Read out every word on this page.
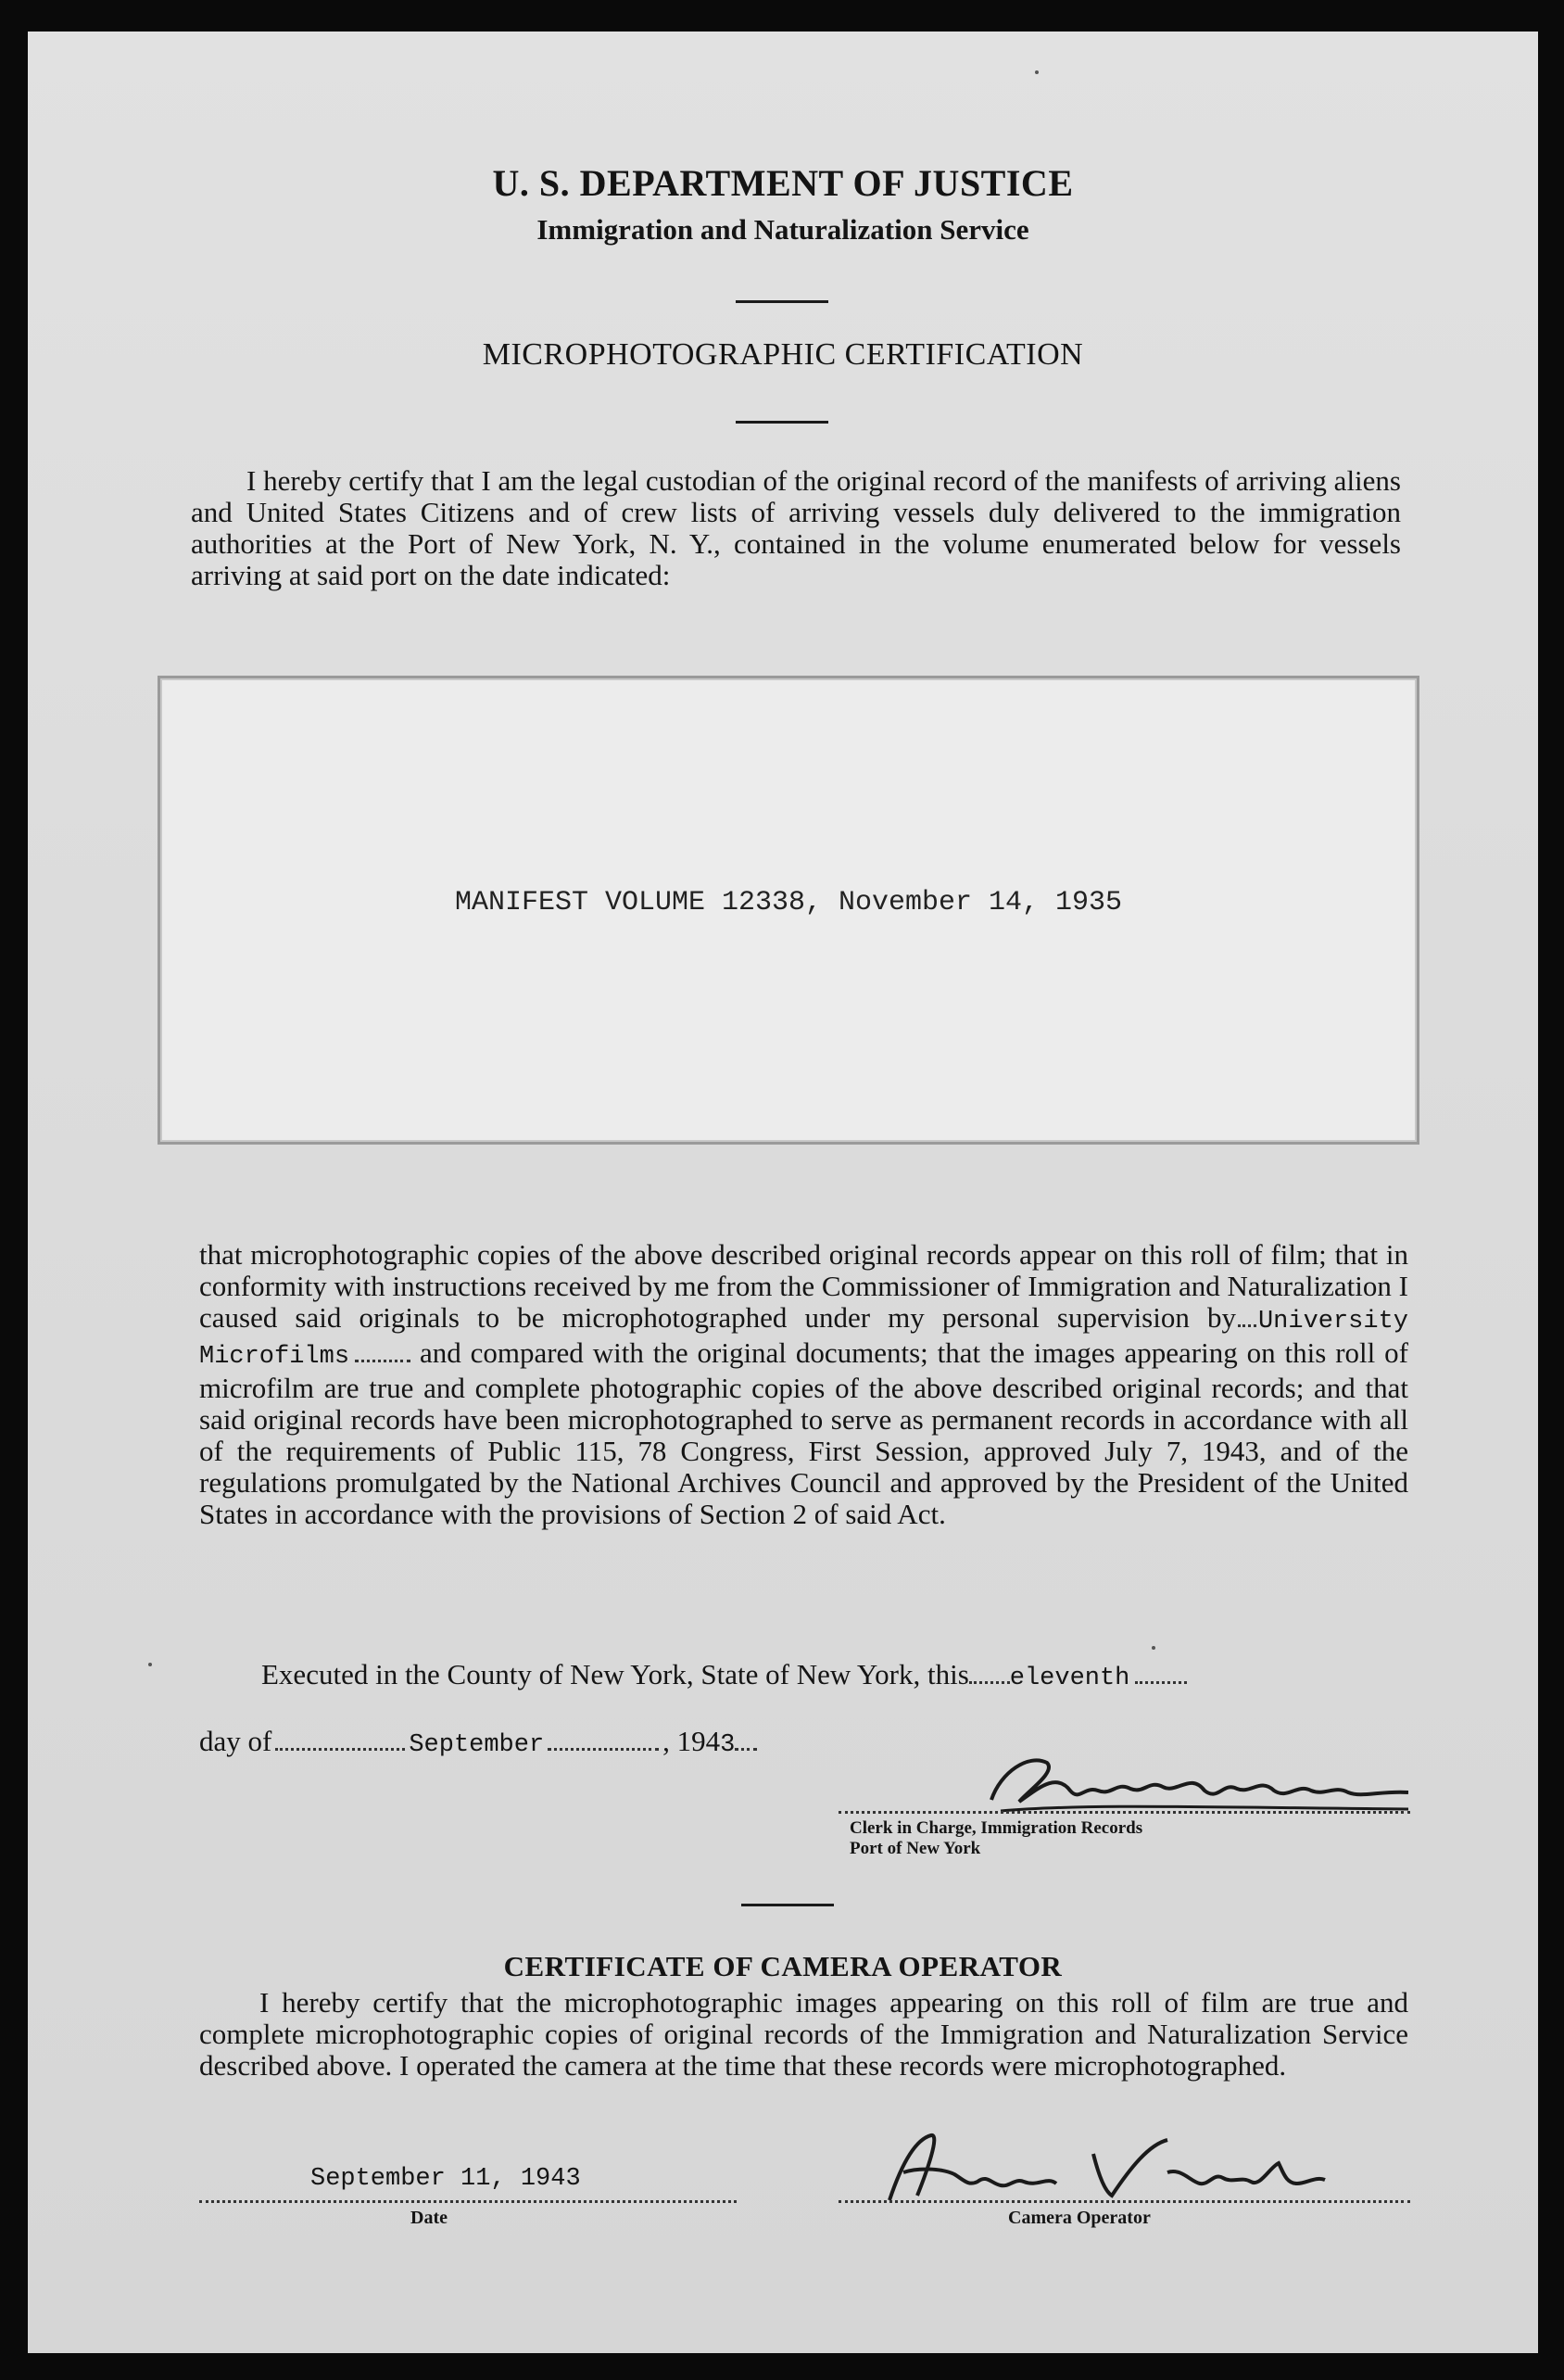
U. S. DEPARTMENT OF JUSTICE
Immigration and Naturalization Service
MICROPHOTOGRAPHIC CERTIFICATION

I hereby certify that I am the legal custodian of the original record of the manifests of arriving aliens and United States Citizens and of crew lists of arriving vessels duly delivered to the immigration authorities at the Port of New York, N. Y., contained in the volume enumerated below for vessels arriving at said port on the date indicated:

MANIFEST VOLUME 12338, November 14, 1935

that microphotographic copies of the above described original records appear on this roll of film; that in conformity with instructions received by me from the Commissioner of Immigration and Naturalization I caused said originals to be microphotographed under my personal supervision by University Microfilms and compared with the original documents; that the images appearing on this roll of microfilm are true and complete photographic copies of the above described original records; and that said original records have been microphotographed to serve as permanent records in accordance with all of the requirements of Public 115, 78 Congress, First Session, approved July 7, 1943, and of the regulations promulgated by the National Archives Council and approved by the President of the United States in accordance with the provisions of Section 2 of said Act.

Executed in the County of New York, State of New York, this eleventh
day of	September	, 1943
Clerk in Charge, Immigration Records
Port of New York
CERTIFICATE OF CAMERA OPERATOR

I hereby certify that the microphotographic images appearing on this roll of film are true and complete microphotographic copies of original records of the Immigration and Naturalization Service described above. I operated the camera at the time that these records were microphotographed.

September 11, 1943
Date	Camera Operator
